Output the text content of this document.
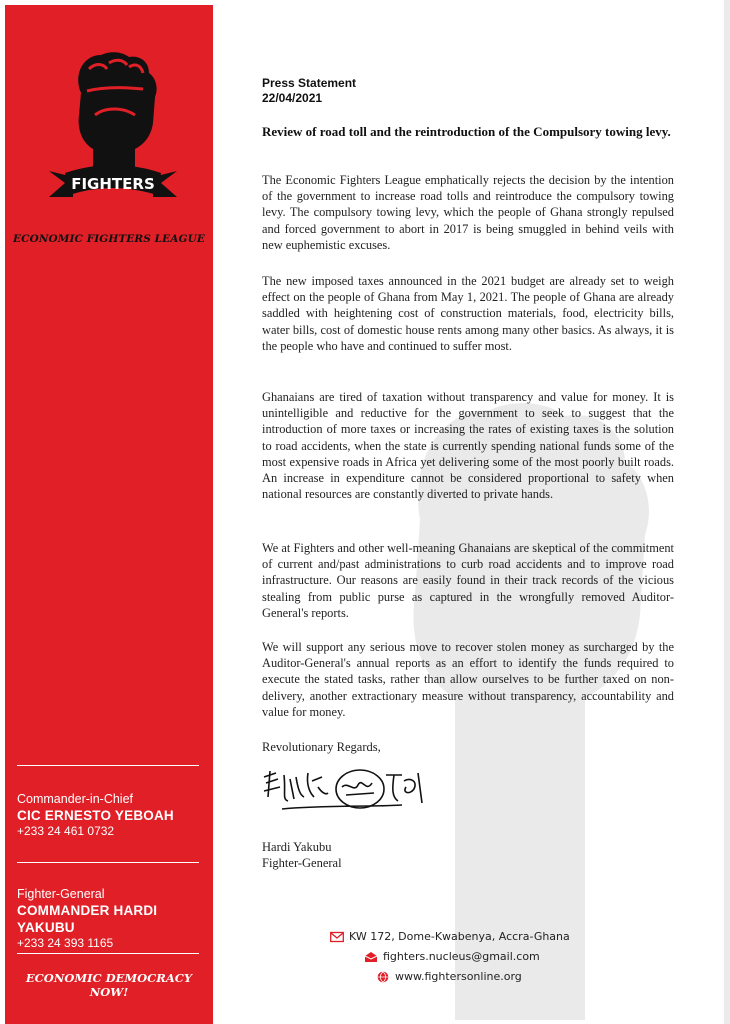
FIGHTERS
ECONOMIC FIGHTERS LEAGUE
Commander-in-Chief
CIC ERNESTO YEBOAH
+233 24 461 0732
Fighter-General
COMMANDER HARDI YAKUBU
+233 24 393 1165
ECONOMIC DEMOCRACY NOW!
Press Statement
22/04/2021
Review of road toll and the reintroduction of the Compulsory towing levy.
The Economic Fighters League emphatically rejects the decision by the intention of the government to increase road tolls and reintroduce the compulsory towing levy. The compulsory towing levy, which the people of Ghana strongly repulsed and forced government to abort in 2017 is being smuggled in behind veils with new euphemistic excuses.
The new imposed taxes announced in the 2021 budget are already set to weigh effect on the people of Ghana from May 1, 2021. The people of Ghana are already saddled with heightening cost of construction materials, food, electricity bills, water bills, cost of domestic house rents among many other basics. As always, it is the people who have and continued to suffer most.
Ghanaians are tired of taxation without transparency and value for money. It is unintelligible and reductive for the government to seek to suggest that the introduction of more taxes or increasing the rates of existing taxes is the solution to road accidents, when the state is currently spending national funds some of the most expensive roads in Africa yet delivering some of the most poorly built roads. An increase in expenditure cannot be considered proportional to safety when national resources are constantly diverted to private hands.
We at Fighters and other well-meaning Ghanaians are skeptical of the commitment of current and/past administrations to curb road accidents and to improve road infrastructure. Our reasons are easily found in their track records of the vicious stealing from public purse as captured in the wrongfully removed Auditor-General's reports.
We will support any serious move to recover stolen money as surcharged by the Auditor-General's annual reports as an effort to identify the funds required to execute the stated tasks, rather than allow ourselves to be further taxed on non-delivery, another extractionary measure without transparency, accountability and value for money.
Revolutionary Regards,
Hardi Yakubu
Fighter-General
KW 172, Dome-Kwabenya, Accra-Ghana
fighters.nucleus@gmail.com
www.fightersonline.org
